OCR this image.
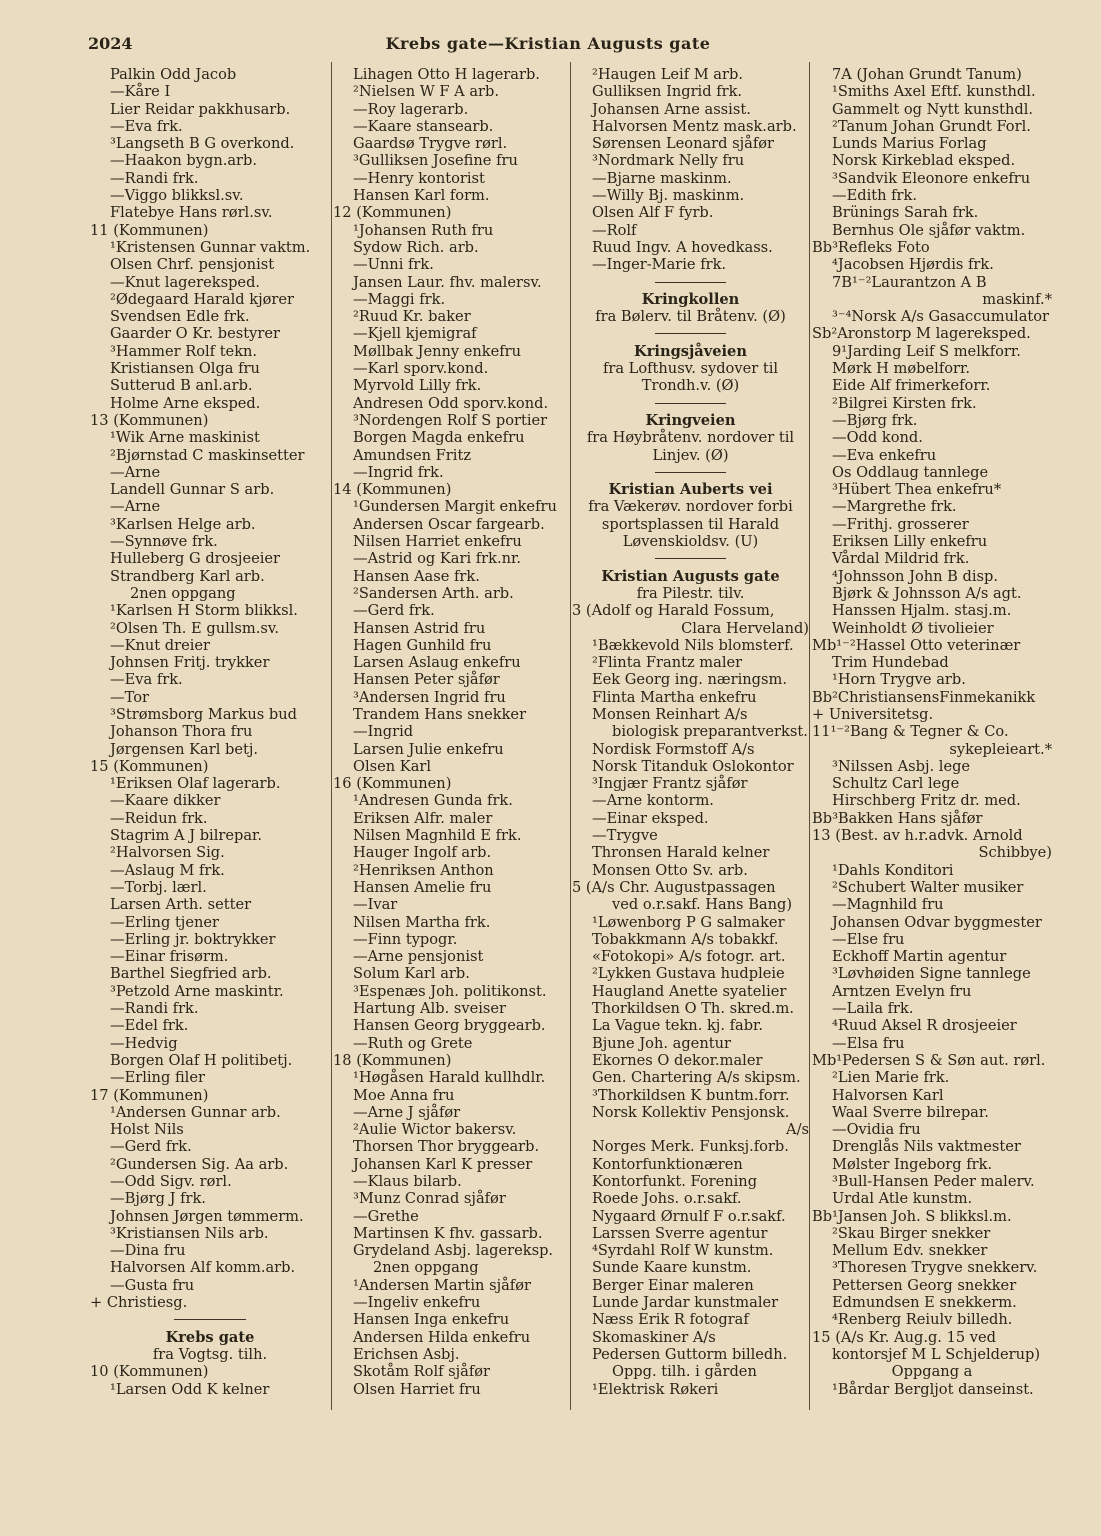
2024	Krebs gate—Kristian Augusts gate
Palkin Odd Jacob
—Kåre I
Lier Reidar pakkhusarb.
—Eva frk.
³Langseth B G overkond.
—Haakon bygn.arb.
—Randi frk.
—Viggo blikksl.sv.
Flatebye Hans rørl.sv.
11 (Kommunen)
¹Kristensen Gunnar vaktm.
Olsen Chrf. pensjonist
—Knut lagereksped.
²Ødegaard Harald kjører
Svendsen Edle frk.
Gaarder O Kr. bestyrer
³Hammer Rolf tekn.
Kristiansen Olga fru
Sutterud B anl.arb.
Holme Arne eksped.
13 (Kommunen)
¹Wik Arne maskinist
²Bjørnstad C maskinsetter
—Arne
Landell Gunnar S arb.
—Arne
³Karlsen Helge arb.
—Synnøve frk.
Hulleberg G drosjeeier
Strandberg Karl arb.
2nen oppgang
¹Karlsen H Storm blikksl.
²Olsen Th. E gullsm.sv.
—Knut dreier
Johnsen Fritj. trykker
—Eva frk.
—Tor
³Strømsborg Markus bud
Johanson Thora fru
Jørgensen Karl betj.
15 (Kommunen)
¹Eriksen Olaf lagerarb.
—Kaare dikker
—Reidun frk.
Stagrim A J bilrepar.
²Halvorsen Sig.
—Aslaug M frk.
—Torbj. lærl.
Larsen Arth. setter
—Erling tjener
—Erling jr. boktrykker
—Einar frisørm.
Barthel Siegfried arb.
³Petzold Arne maskintr.
—Randi frk.
—Edel frk.
—Hedvig
Borgen Olaf H politibetj.
—Erling filer
17 (Kommunen)
¹Andersen Gunnar arb.
Holst Nils
—Gerd frk.
²Gundersen Sig. Aa arb.
—Odd Sigv. rørl.
—Bjørg J frk.
Johnsen Jørgen tømmerm.
³Kristiansen Nils arb.
—Dina fru
Halvorsen Alf komm.arb.
—Gusta fru
+ Christiesg.
Krebs gate
fra Vogtsg. tilh.
10 (Kommunen)
¹Larsen Odd K kelner
Lihagen Otto H lagerarb.
²Nielsen W F A arb.
—Roy lagerarb.
—Kaare stansearb.
Gaardsø Trygve rørl.
³Gulliksen Josefine fru
—Henry kontorist
Hansen Karl form.
12 (Kommunen)
¹Johansen Ruth fru
Sydow Rich. arb.
—Unni frk.
Jansen Laur. fhv. malersv.
—Maggi frk.
²Ruud Kr. baker
—Kjell kjemigraf
Møllbak Jenny enkefru
—Karl sporv.kond.
Myrvold Lilly frk.
Andresen Odd sporv.kond.
³Nordengen Rolf S portier
Borgen Magda enkefru
Amundsen Fritz
—Ingrid frk.
14 (Kommunen)
¹Gundersen Margit enkefru
Andersen Oscar fargearb.
Nilsen Harriet enkefru
—Astrid og Kari frk.nr.
Hansen Aase frk.
²Sandersen Arth. arb.
—Gerd frk.
Hansen Astrid fru
Hagen Gunhild fru
Larsen Aslaug enkefru
Hansen Peter sjåfør
³Andersen Ingrid fru
Trandem Hans snekker
—Ingrid
Larsen Julie enkefru
Olsen Karl
16 (Kommunen)
¹Andresen Gunda frk.
Eriksen Alfr. maler
Nilsen Magnhild E frk.
Hauger Ingolf arb.
²Henriksen Anthon
Hansen Amelie fru
—Ivar
Nilsen Martha frk.
—Finn typogr.
—Arne pensjonist
Solum Karl arb.
³Espenæs Joh. politikonst.
Hartung Alb. sveiser
Hansen Georg bryggearb.
—Ruth og Grete
18 (Kommunen)
¹Høgåsen Harald kullhdlr.
Moe Anna fru
—Arne J sjåfør
²Aulie Wictor bakersv.
Thorsen Thor bryggearb.
Johansen Karl K presser
—Klaus bilarb.
³Munz Conrad sjåfør
—Grethe
Martinsen K fhv. gassarb.
Grydeland Asbj. lagereksp.
2nen oppgang
¹Andersen Martin sjåfør
—Ingeliv enkefru
Hansen Inga enkefru
Andersen Hilda enkefru
Erichsen Asbj.
Skotåm Rolf sjåfør
Olsen Harriet fru
²Haugen Leif M arb.
Gulliksen Ingrid frk.
Johansen Arne assist.
Halvorsen Mentz mask.arb.
Sørensen Leonard sjåfør
³Nordmark Nelly fru
—Bjarne maskinm.
—Willy Bj. maskinm.
Olsen Alf F fyrb.
—Rolf
Ruud Ingv. A hovedkass.
—Inger-Marie frk.
Kringkollen
fra Bølerv. til Bråtenv. (Ø)
Kringsjåveien
fra Lofthusv. sydover til
Trondh.v. (Ø)
Kringveien
fra Høybråtenv. nordover til
Linjev. (Ø)
Kristian Auberts vei
fra Vækerøv. nordover forbi
sportsplassen til Harald
Løvenskioldsv. (U)
Kristian Augusts gate
fra Pilestr. tilv.
3 (Adolf og Harald Fossum,
Clara Herveland)
¹Bækkevold Nils blomsterf.
²Flinta Frantz maler
Eek Georg ing. næringsm.
Flinta Martha enkefru
Monsen Reinhart A/s
biologisk preparantverkst.
Nordisk Formstoff A/s
Norsk Titanduk Oslokontor
³Ingjær Frantz sjåfør
—Arne kontorm.
—Einar eksped.
—Trygve
Thronsen Harald kelner
Monsen Otto Sv. arb.
5 (A/s Chr. Augustpassagen
ved o.r.sakf. Hans Bang)
¹Løwenborg P G salmaker
Tobakkmann A/s tobakkf.
«Fotokopi» A/s fotogr. art.
²Lykken Gustava hudpleie
Haugland Anette syatelier
Thorkildsen O Th. skred.m.
La Vague tekn. kj. fabr.
Bjune Joh. agentur
Ekornes O dekor.maler
Gen. Chartering A/s skipsm.
³Thorkildsen K buntm.forr.
Norsk Kollektiv Pensjonsk.
A/s
Norges Merk. Funksj.forb.
Kontorfunktionæren
Kontorfunkt. Forening
Roede Johs. o.r.sakf.
Nygaard Ørnulf F o.r.sakf.
Larssen Sverre agentur
⁴Syrdahl Rolf W kunstm.
Sunde Kaare kunstm.
Berger Einar maleren
Lunde Jardar kunstmaler
Næss Erik R fotograf
Skomaskiner A/s
Pedersen Guttorm billedh.
Oppg. tilh. i gården
¹Elektrisk Røkeri
7A (Johan Grundt Tanum)
¹Smiths Axel Eftf. kunsthdl.
Gammelt og Nytt kunsthdl.
²Tanum Johan Grundt Forl.
Lunds Marius Forlag
Norsk Kirkeblad eksped.
³Sandvik Eleonore enkefru
—Edith frk.
Brünings Sarah frk.
Bernhus Ole sjåfør vaktm.
Bb³Refleks Foto
⁴Jacobsen Hjørdis frk.
7B¹⁻²Laurantzon A B
maskinf.*
³⁻⁴Norsk A/s Gasaccumulator
Sb²Aronstorp M lagereksped.
9¹Jarding Leif S melkforr.
Mørk H møbelforr.
Eide Alf frimerkeforr.
²Bilgrei Kirsten frk.
—Bjørg frk.
—Odd kond.
—Eva enkefru
Os Oddlaug tannlege
³Hübert Thea enkefru*
—Margrethe frk.
—Frithj. grosserer
Eriksen Lilly enkefru
Vårdal Mildrid frk.
⁴Johnsson John B disp.
Bjørk & Johnsson A/s agt.
Hanssen Hjalm. stasj.m.
Weinholdt Ø tivolieier
Mb¹⁻²Hassel Otto veterinær
Trim Hundebad
¹Horn Trygve arb.
Bb²ChristiansensFinmekanikk
+ Universitetsg.
11¹⁻²Bang & Tegner & Co.
sykepleieart.*
³Nilssen Asbj. lege
Schultz Carl lege
Hirschberg Fritz dr. med.
Bb³Bakken Hans sjåfør
13 (Best. av h.r.advk. Arnold
Schibbye)
¹Dahls Konditori
²Schubert Walter musiker
—Magnhild fru
Johansen Odvar byggmester
—Else fru
Eckhoff Martin agentur
³Løvhøiden Signe tannlege
Arntzen Evelyn fru
—Laila frk.
⁴Ruud Aksel R drosjeeier
—Elsa fru
Mb¹Pedersen S & Søn aut. rørl.
²Lien Marie frk.
Halvorsen Karl
Waal Sverre bilrepar.
—Ovidia fru
Drenglås Nils vaktmester
Mølster Ingeborg frk.
³Bull-Hansen Peder malerv.
Urdal Atle kunstm.
Bb¹Jansen Joh. S blikksl.m.
²Skau Birger snekker
Mellum Edv. snekker
³Thoresen Trygve snekkerv.
Pettersen Georg snekker
Edmundsen E snekkerm.
⁴Renberg Reiulv billedh.
15 (A/s Kr. Aug.g. 15 ved
kontorsjef M L Schjelderup)
Oppgang a
¹Bårdar Bergljot danseinst.
